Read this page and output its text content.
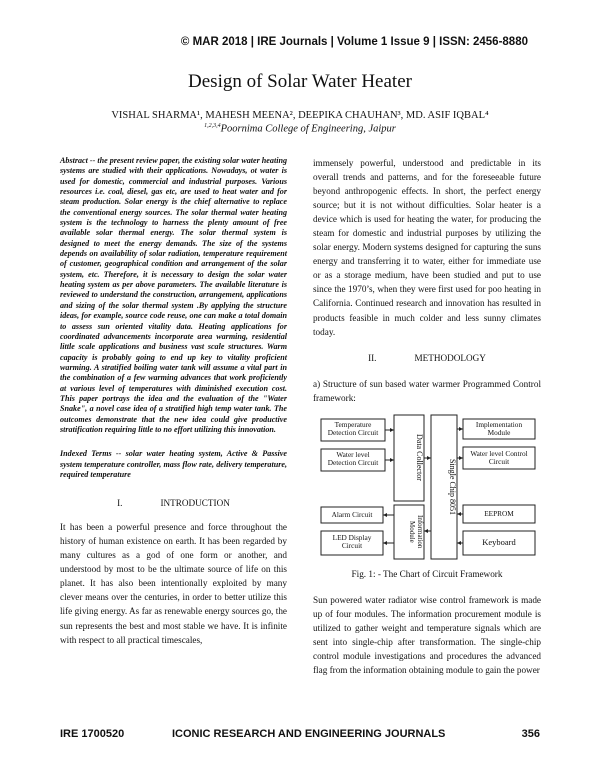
© MAR 2018 | IRE Journals | Volume 1 Issue 9 | ISSN: 2456-8880
Design of Solar Water Heater
VISHAL SHARMA¹, MAHESH MEENA², DEEPIKA CHAUHAN³, MD. ASIF IQBAL⁴
$^{1,2,3,4}$Poornima College of Engineering, Jaipur
Abstract -- the present review paper, the existing solar water heating systems are studied with their applications. Nowadays, ot water is used for domestic, commercial and industrial purposes. Various resources i.e. coal, diesel, gas etc, are used to heat water and for steam production. Solar energy is the chief alternative to replace the conventional energy sources. The solar thermal water heating system is the technology to harness the plenty amount of free available solar thermal energy. The solar thermal system is designed to meet the energy demands. The size of the systems depends on availability of solar radiation, temperature requirement of customer, geographical condition and arrangement of the solar system, etc. Therefore, it is necessary to design the solar water heating system as per above parameters. The available literature is reviewed to understand the construction, arrangement, applications and sizing of the solar thermal system .By applying the structure ideas, for example, source code reuse, one can make a total domain to assess sun oriented vitality data. Heating applications for coordinated advancements incorporate area warming, residential little scale applications and business vast scale structures. Warm capacity is probably going to end up key to vitality proficient warming. A stratified boiling water tank will assume a vital part in the combination of a few warming advances that work proficiently at various level of temperatures with diminished execution cost. This paper portrays the idea and the evaluation of the "Water Snake", a novel case idea of a stratified high temp water tank. The outcomes demonstrate that the new idea could give productive stratification requiring little to no effort utilizing this innovation.
Indexed Terms -- solar water heating system, Active & Passive system temperature controller, mass flow rate, delivery temperature, required temperature

I.	INTRODUCTION

It has been a powerful presence and force throughout the history of human existence on earth. It has been regarded by many cultures as a god of one form or another, and understood by most to be the ultimate source of life on this planet. It has also been intentionally exploited by many clever means over the centuries, in order to better utilize this life giving energy. As far as renewable energy sources go, the sun represents the best and most stable we have. It is infinite with respect to all practical timescales,

immensely powerful, understood and predictable in its overall trends and patterns, and for the foreseeable future beyond anthropogenic effects. In short, the perfect energy source; but it is not without difficulties. Solar heater is a device which is used for heating the water, for producing the steam for domestic and industrial purposes by utilizing the solar energy. Modern systems designed for capturing the suns energy and transferring it to water, either for immediate use or as a storage medium, have been studied and put to use since the 1970’s, when they were first used for poo heating in California. Continued research and innovation has resulted in products feasible in much colder and less sunny climates today.

II.	METHODOLOGY

a) Structure of sun based water warmer Programmed Control framework:

Temperature Detection Circuit
Water level Detection Circuit	Data Collector
Single Chip 8051
Implementation Module
Water level Control Circuit
Alarm Circuit
Information Module
EEPROM
LED Display Circuit	Keyboard

Fig. 1: - The Chart of Circuit Framework

Sun powered water radiator wise control framework is made up of four modules. The information procurement module is utilized to gather weight and temperature signals which are sent into single-chip after transformation. The single-chip control module investigations and procedures the advanced flag from the information obtaining module to gain the power

IRE 1700520	ICONIC RESEARCH AND ENGINEERING JOURNALS	356
